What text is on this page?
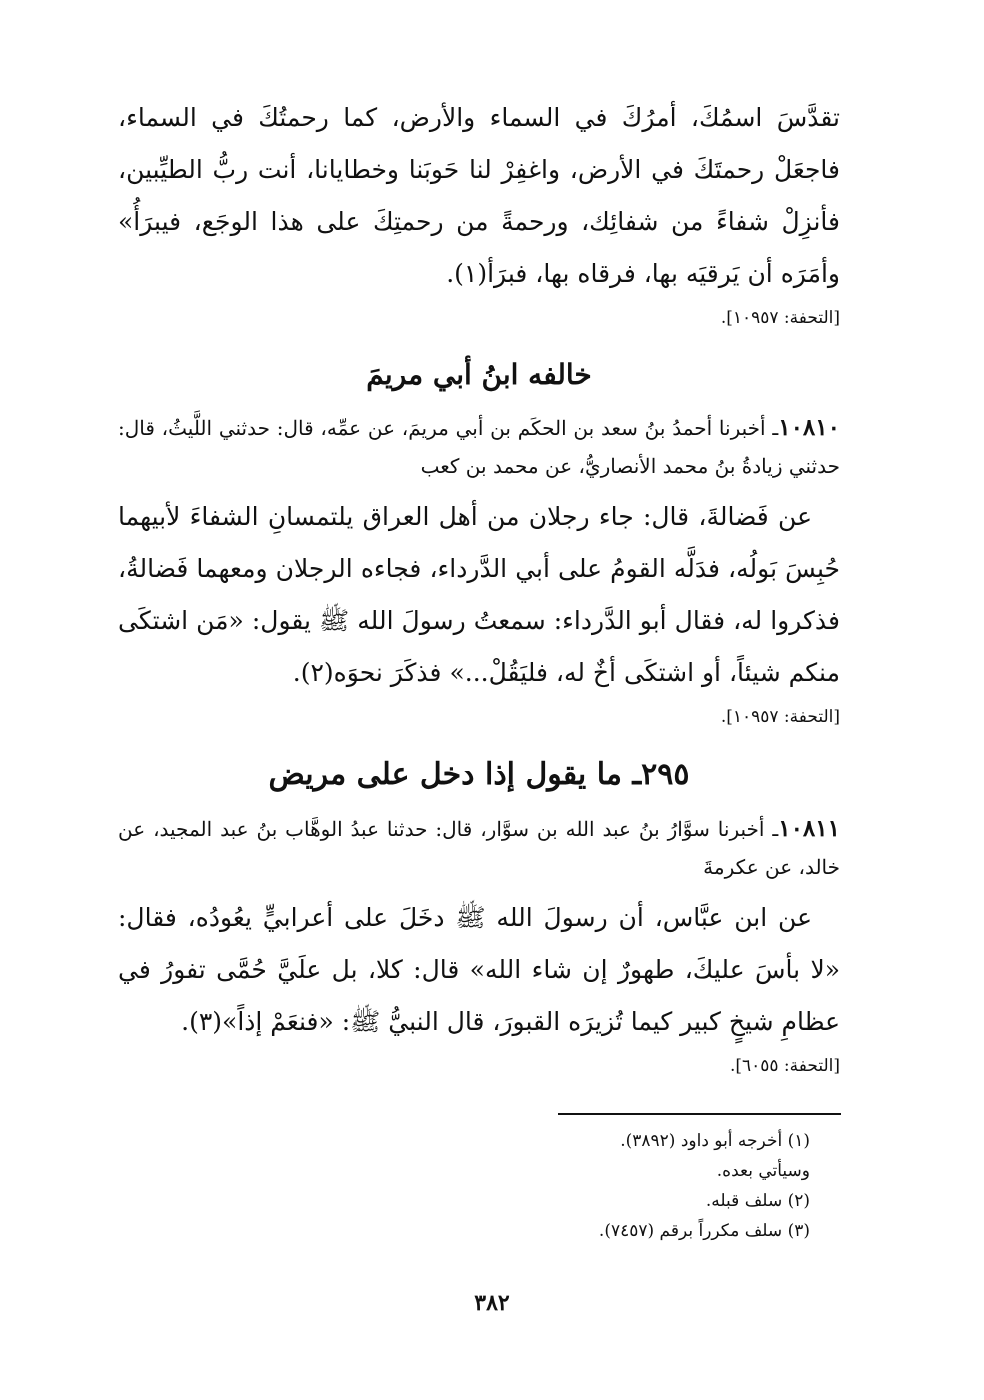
تقدَّسَ اسمُكَ، أمرُكَ في السماء والأرض، كما رحمتُكَ في السماء، فاجعَلْ رحمتَكَ في الأرض، واغفِرْ لنا حَوبَنا وخطايانا، أنت ربُّ الطيِّبين، فأنزِلْ شفاءً من شفائِك، ورحمةً من رحمتِكَ على هذا الوجَع، فيبرَأُ» وأمَرَه أن يَرقيَه بها، فرقاه بها، فبرَأ(١).

[التحفة: ١٠٩٥٧].

خالفه ابنُ أبي مريمَ

١٠٨١٠ـ أخبرنا أحمدُ بنُ سعد بن الحكَم بن أبي مريمَ، عن عمِّه، قال: حدثني اللَّيثُ، قال: حدثني زيادةُ بنُ محمد الأنصاريُّ، عن محمد بن كعب

عن فَضالةَ، قال: جاء رجلان من أهل العراق يلتمسانِ الشفاءَ لأبيهما حُبِسَ بَولُه، فدَلَّه القومُ على أبي الدَّرداء، فجاءه الرجلان ومعهما فَضالةُ، فذكروا له، فقال أبو الدَّرداء: سمعتُ رسولَ الله ﷺ يقول: «مَن اشتكَى منكم شيئاً، أو اشتكَى أخٌ له، فليَقُلْ...» فذكَرَ نحوَه(٢).

[التحفة: ١٠٩٥٧].

٢٩٥ـ ما يقول إذا دخل على مريض

١٠٨١١ـ أخبرنا سوَّارُ بنُ عبد الله بن سوَّار، قال: حدثنا عبدُ الوهَّاب بنُ عبد المجيد، عن خالد، عن عكرمةَ

عن ابن عبَّاس، أن رسولَ الله ﷺ دخَلَ على أعرابيٍّ يعُودُه، فقال: «لا بأسَ عليكَ، طهورٌ إن شاء الله» قال: كلا، بل علَيَّ حُمَّى تفورُ في عظامِ شيخٍ كبير كيما تُزيرَه القبورَ، قال النبيُّ ﷺ: «فنعَمْ إذاً»(٣).

[التحفة: ٦٠٥٥].

(١) أخرجه أبو داود (٣٨٩٢).
وسيأتي بعده.
(٢) سلف قبله.
(٣) سلف مكرراً برقم (٧٤٥٧).
٣٨٢
